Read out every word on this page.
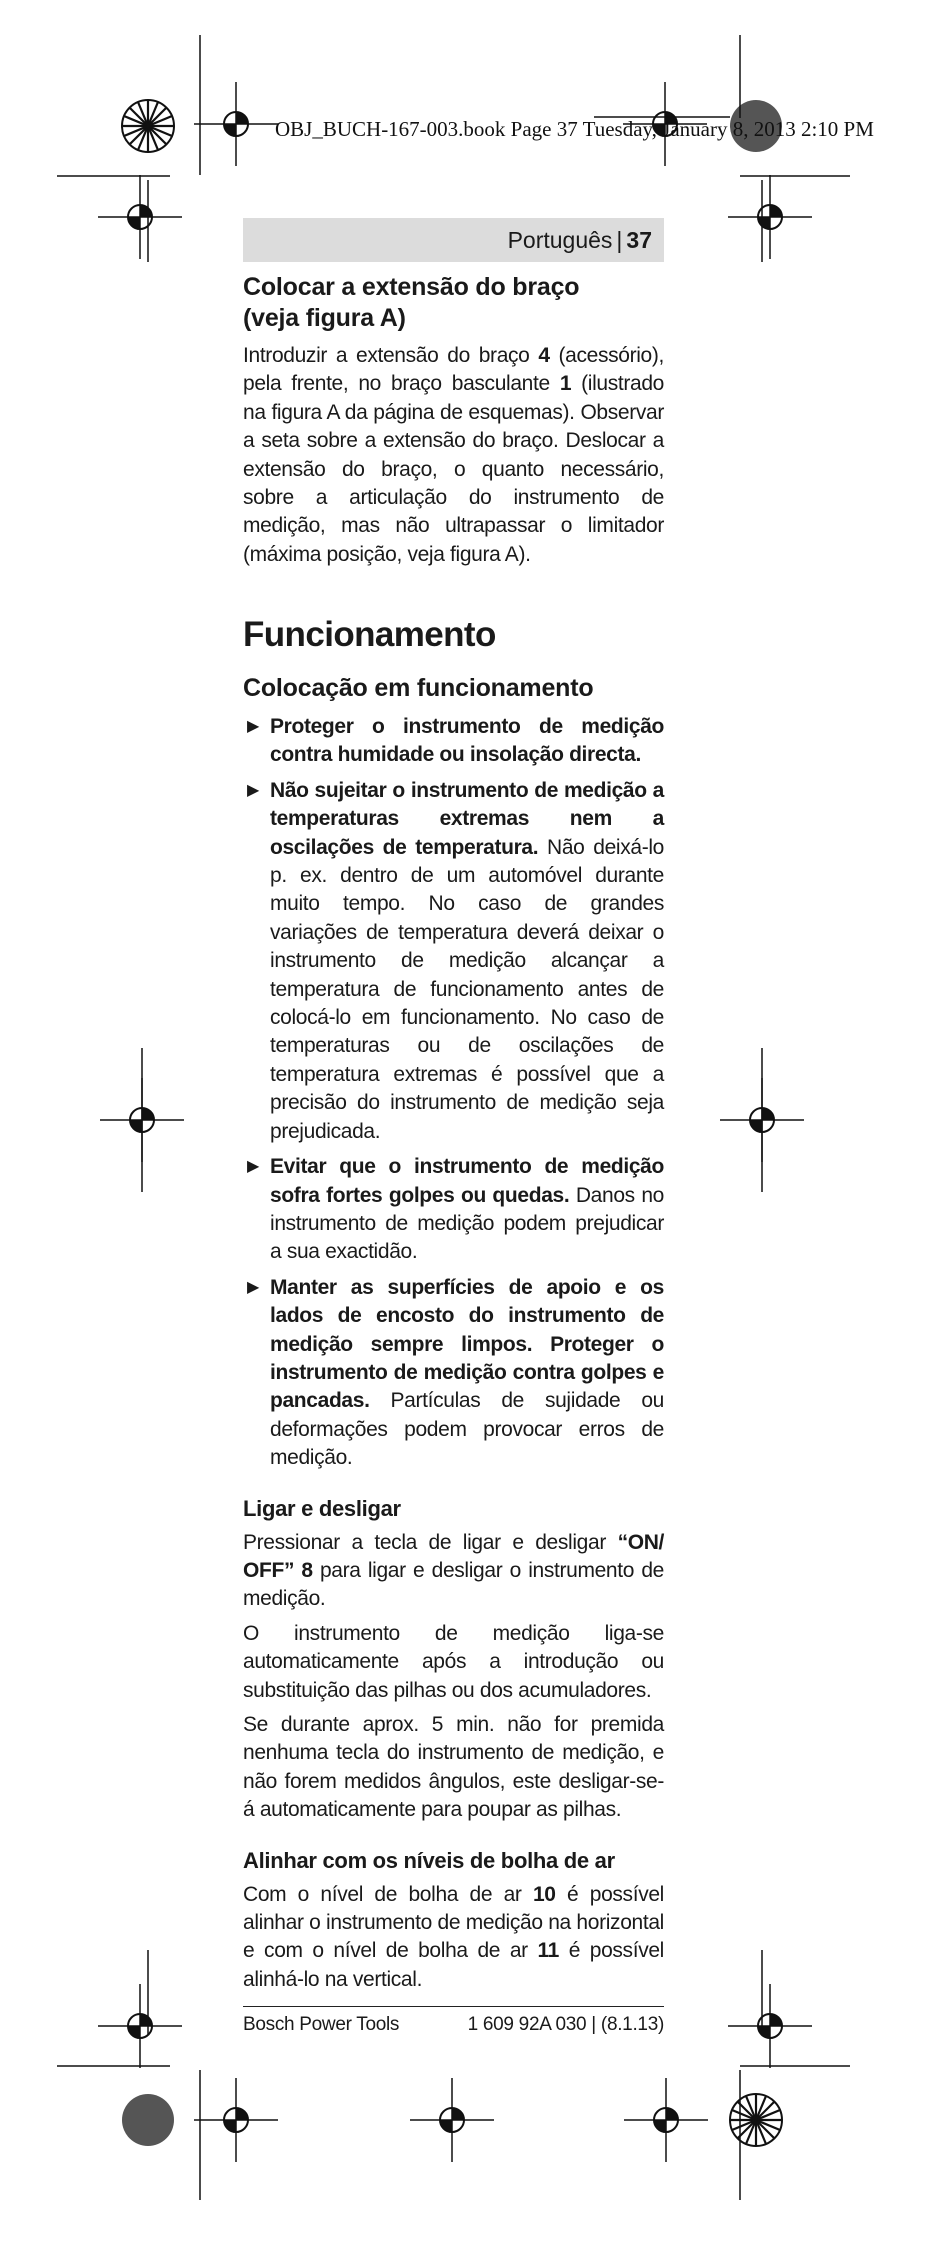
OBJ_BUCH-167-003.book Page 37 Tuesday, January 8, 2013 2:10 PM
Português | 37
Colocar a extensão do braço
(veja figura A)

Introduzir a extensão do braço 4 (acessório), pela frente, no braço basculante 1 (ilustrado na figura A da página de esquemas). Observar a seta sobre a extensão do braço. Deslocar a extensão do braço, o quanto necessário, sobre a articulação do instrumento de medição, mas não ultrapassar o limitador (máxima posição, veja figura A).

Funcionamento
Colocação em funcionamento
▶ Proteger o instrumento de medição contra humidade ou insolação directa.
▶ Não sujeitar o instrumento de medição a temperaturas extremas nem a oscilações de temperatura. Não deixá-lo p. ex. dentro de um automóvel durante muito tempo. No caso de grandes variações de temperatura deverá deixar o instrumento de medição alcançar a temperatura de funcionamento antes de colocá-lo em funcionamento. No caso de temperaturas ou de oscilações de temperatura extremas é possível que a precisão do instrumento de medição seja prejudicada.
▶ Evitar que o instrumento de medição sofra fortes golpes ou quedas. Danos no instrumento de medição podem prejudicar a sua exactidão.
▶ Manter as superfícies de apoio e os lados de encosto do instrumento de medição sempre limpos. Proteger o instrumento de medição contra golpes e pancadas. Partículas de sujidade ou deformações podem provocar erros de medição.
Ligar e desligar

Pressionar a tecla de ligar e desligar “ON/ OFF” 8 para ligar e desligar o instrumento de medição.

O instrumento de medição liga-se automaticamente após a introdução ou substituição das pilhas ou dos acumuladores.

Se durante aprox. 5 min. não for premida nenhuma tecla do instrumento de medição, e não forem medidos ângulos, este desligar-se-á automaticamente para poupar as pilhas.

Alinhar com os níveis de bolha de ar

Com o nível de bolha de ar 10 é possível alinhar o instrumento de medição na horizontal e com o nível de bolha de ar 11 é possível alinhá-lo na vertical.

Bosch Power Tools	1 609 92A 030 | (8.1.13)
